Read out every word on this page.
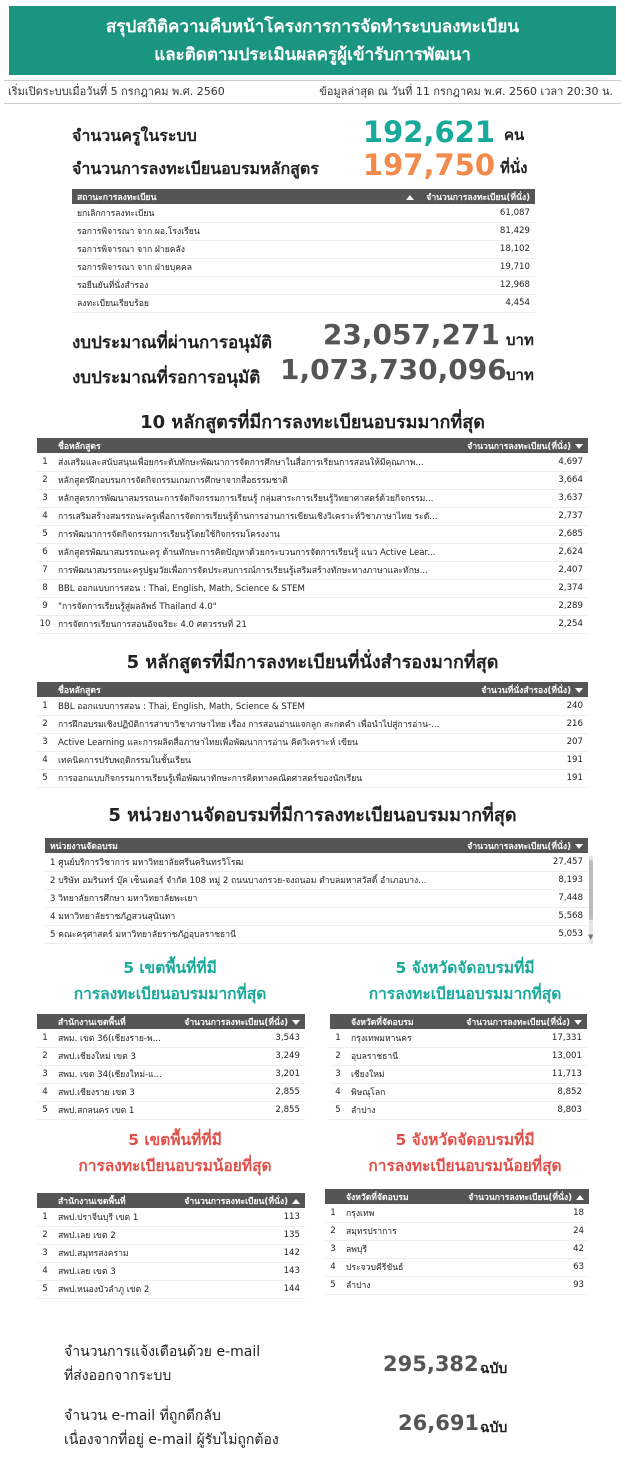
สรุปสถิติความคืบหน้าโครงการการจัดทำระบบลงทะเบียน
และติดตามประเมินผลครูผู้เข้ารับการพัฒนา
เริ่มเปิดระบบเมื่อวันที่ 5 กรกฎาคม พ.ศ. 2560	ข้อมูลล่าสุด ณ วันที่ 11 กรกฎาคม พ.ศ. 2560 เวลา 20:30 น.
จำนวนครูในระบบ	192,621 คน
จำนวนการลงทะเบียนอบรมหลักสูตร	197,750 ที่นั่ง
สถานะการลงทะเบียน	จำนวนการลงทะเบียน(ที่นั่ง)
ยกเลิกการลงทะเบียน	61,087
รอการพิจารณา จาก ผอ.โรงเรียน	81,429
รอการพิจารณา จาก ฝ่ายคลัง	18,102
รอการพิจารณา จาก ฝ่ายบุคคล	19,710
รอยืนยันที่นั่งสำรอง	12,968
ลงทะเบียนเรียบร้อย	4,454
งบประมาณที่ผ่านการอนุมัติ	23,057,271 บาท
งบประมาณที่รอการอนุมัติ 1,073,730,096 บาท
10 หลักสูตรที่มีการลงทะเบียนอบรมมากที่สุด
	ชื่อหลักสูตร	จำนวนการลงทะเบียน(ที่นั่ง)
1	ส่งเสริมและสนับสนุนเพื่อยกระดับทักษะพัฒนาการจัดการศึกษาในสื่อการเรียนการสอนให้มีคุณภาพ...	4,697
2	หลักสูตรฝึกอบรมการจัดกิจกรรมเกมการศึกษาจากสื่อธรรมชาติ	3,664
3	หลักสูตรการพัฒนาสมรรถนะการจัดกิจกรรมการเรียนรู้ กลุ่มสาระการเรียนรู้วิทยาศาสตร์ด้วยกิจกรรม...	3,637
4	การเสริมสร้างสมรรถนะครูเพื่อการจัดการเรียนรู้ด้านการอ่านการเขียนเชิงวิเคราะห์วิชาภาษาไทย ระดั...	2,737
5	การพัฒนาการจัดกิจกรรมการเรียนรู้โดยใช้กิจกรรมโครงงาน	2,685
6	หลักสูตรพัฒนาสมรรถนะครู ด้านทักษะการคิดปัญหาด้วยกระบวนการจัดการเรียนรู้ แนว Active Lear...	2,624
7	การพัฒนาสมรรถนะครูปฐมวัยเพื่อการจัดประสบการณ์การเรียนรู้เสริมสร้างทักษะทางภาษาและทักษ...	2,407
8	BBL ออกแบบการสอน : Thai, English, Math, Science & STEM	2,374
9	"การจัดการเรียนรู้สู่ผลลัพธ์ Thailand 4.0"	2,289
10	การจัดการเรียนการสอนอัจฉริยะ 4.0 ศตวรรษที่ 21	2,254
5 หลักสูตรที่มีการลงทะเบียนที่นั่งสำรองมากที่สุด
	ชื่อหลักสูตร	จำนวนที่นั่งสำรอง(ที่นั่ง)
1	BBL ออกแบบการสอน : Thai, English, Math, Science & STEM	240
2	การฝึกอบรมเชิงปฏิบัติการสาขาวิชาภาษาไทย เรื่อง การสอนอ่านแจกลูก สะกดคำ เพื่อนำไปสู่การอ่าน-...	216
3	Active Learning และการผลิตสื่อภาษาไทยเพื่อพัฒนาการอ่าน คิดวิเคราะห์ เขียน	207
4	เทคนิคการปรับพฤติกรรมในชั้นเรียน	191
5	การออกแบบกิจกรรมการเรียนรู้เพื่อพัฒนาทักษะการคิดทางคณิตศาสตร์ของนักเรียน	191
5 หน่วยงานจัดอบรมที่มีการลงทะเบียนอบรมมากที่สุด
หน่วยงานจัดอบรม	จำนวนการลงทะเบียน(ที่นั่ง)
1 ศูนย์บริการวิชาการ มหาวิทยาลัยศรีนครินทรวิโรฒ	27,457
2 บริษัท อมรินทร์ บุ๊ค เซ็นเตอร์ จำกัด 108 หมู่ 2 ถนนบางกรวย-จงถนอม ตำบลมหาสวัสดิ์ อำเภอบาง...	8,193
3 วิทยาลัยการศึกษา มหาวิทยาลัยพะเยา	7,448
4 มหาวิทยาลัยราชภัฏสวนสุนันทา	5,568
5 คณะครุศาสตร์ มหาวิทยาลัยราชภัฏอุบลราชธานี	5,053 ▼
5 เขตพื้นที่ที่มี
การลงทะเบียนอบรมมากที่สุด
	สำนักงานเขตพื้นที่	จำนวนการลงทะเบียน(ที่นั่ง)
1	สพม. เขต 36(เชียงราย-พ...	3,543
2	สพป.เชียงใหม่ เขต 3	3,249
3	สพม. เขต 34(เชียงใหม่-แ...	3,201
4	สพป.เชียงราย เขต 3	2,855
5	สพป.สกลนคร เขต 1	2,855
5 จังหวัดจัดอบรมที่มี
การลงทะเบียนอบรมมากที่สุด
	จังหวัดที่จัดอบรม	จำนวนการลงทะเบียน(ที่นั่ง)
1	กรุงเทพมหานคร	17,331
2	อุบลราชธานี	13,001
3	เชียงใหม่	11,713
4	พิษณุโลก	8,852
5	ลำปาง	8,803
5 เขตพื้นที่ที่มี
การลงทะเบียนอบรมน้อยที่สุด
	สำนักงานเขตพื้นที่	จำนวนการลงทะเบียน(ที่นั่ง)
1	สพป.ปราจีนบุรี เขต 1	113
2	สพป.เลย เขต 2	135
3	สพป.สมุทรสงคราม	142
4	สพป.เลย เขต 3	143
5	สพป.หนองบัวลำภู เขต 2	144
5 จังหวัดจัดอบรมที่มี
การลงทะเบียนอบรมน้อยที่สุด
	จังหวัดที่จัดอบรม	จำนวนการลงทะเบียน(ที่นั่ง)
1	กรุงเทพ	18
2	สมุทรปราการ	24
3	ลพบุรี	42
4	ประจวบคีรีขันธ์	63
5	ลำปาง	93
จำนวนการแจ้งเตือนด้วย e-mail
ที่ส่งออกจากระบบ	295,382 ฉบับ
จำนวน e-mail ที่ถูกตีกลับ
เนื่องจากที่อยู่ e-mail ผู้รับไม่ถูกต้อง
26,691 ฉบับ
